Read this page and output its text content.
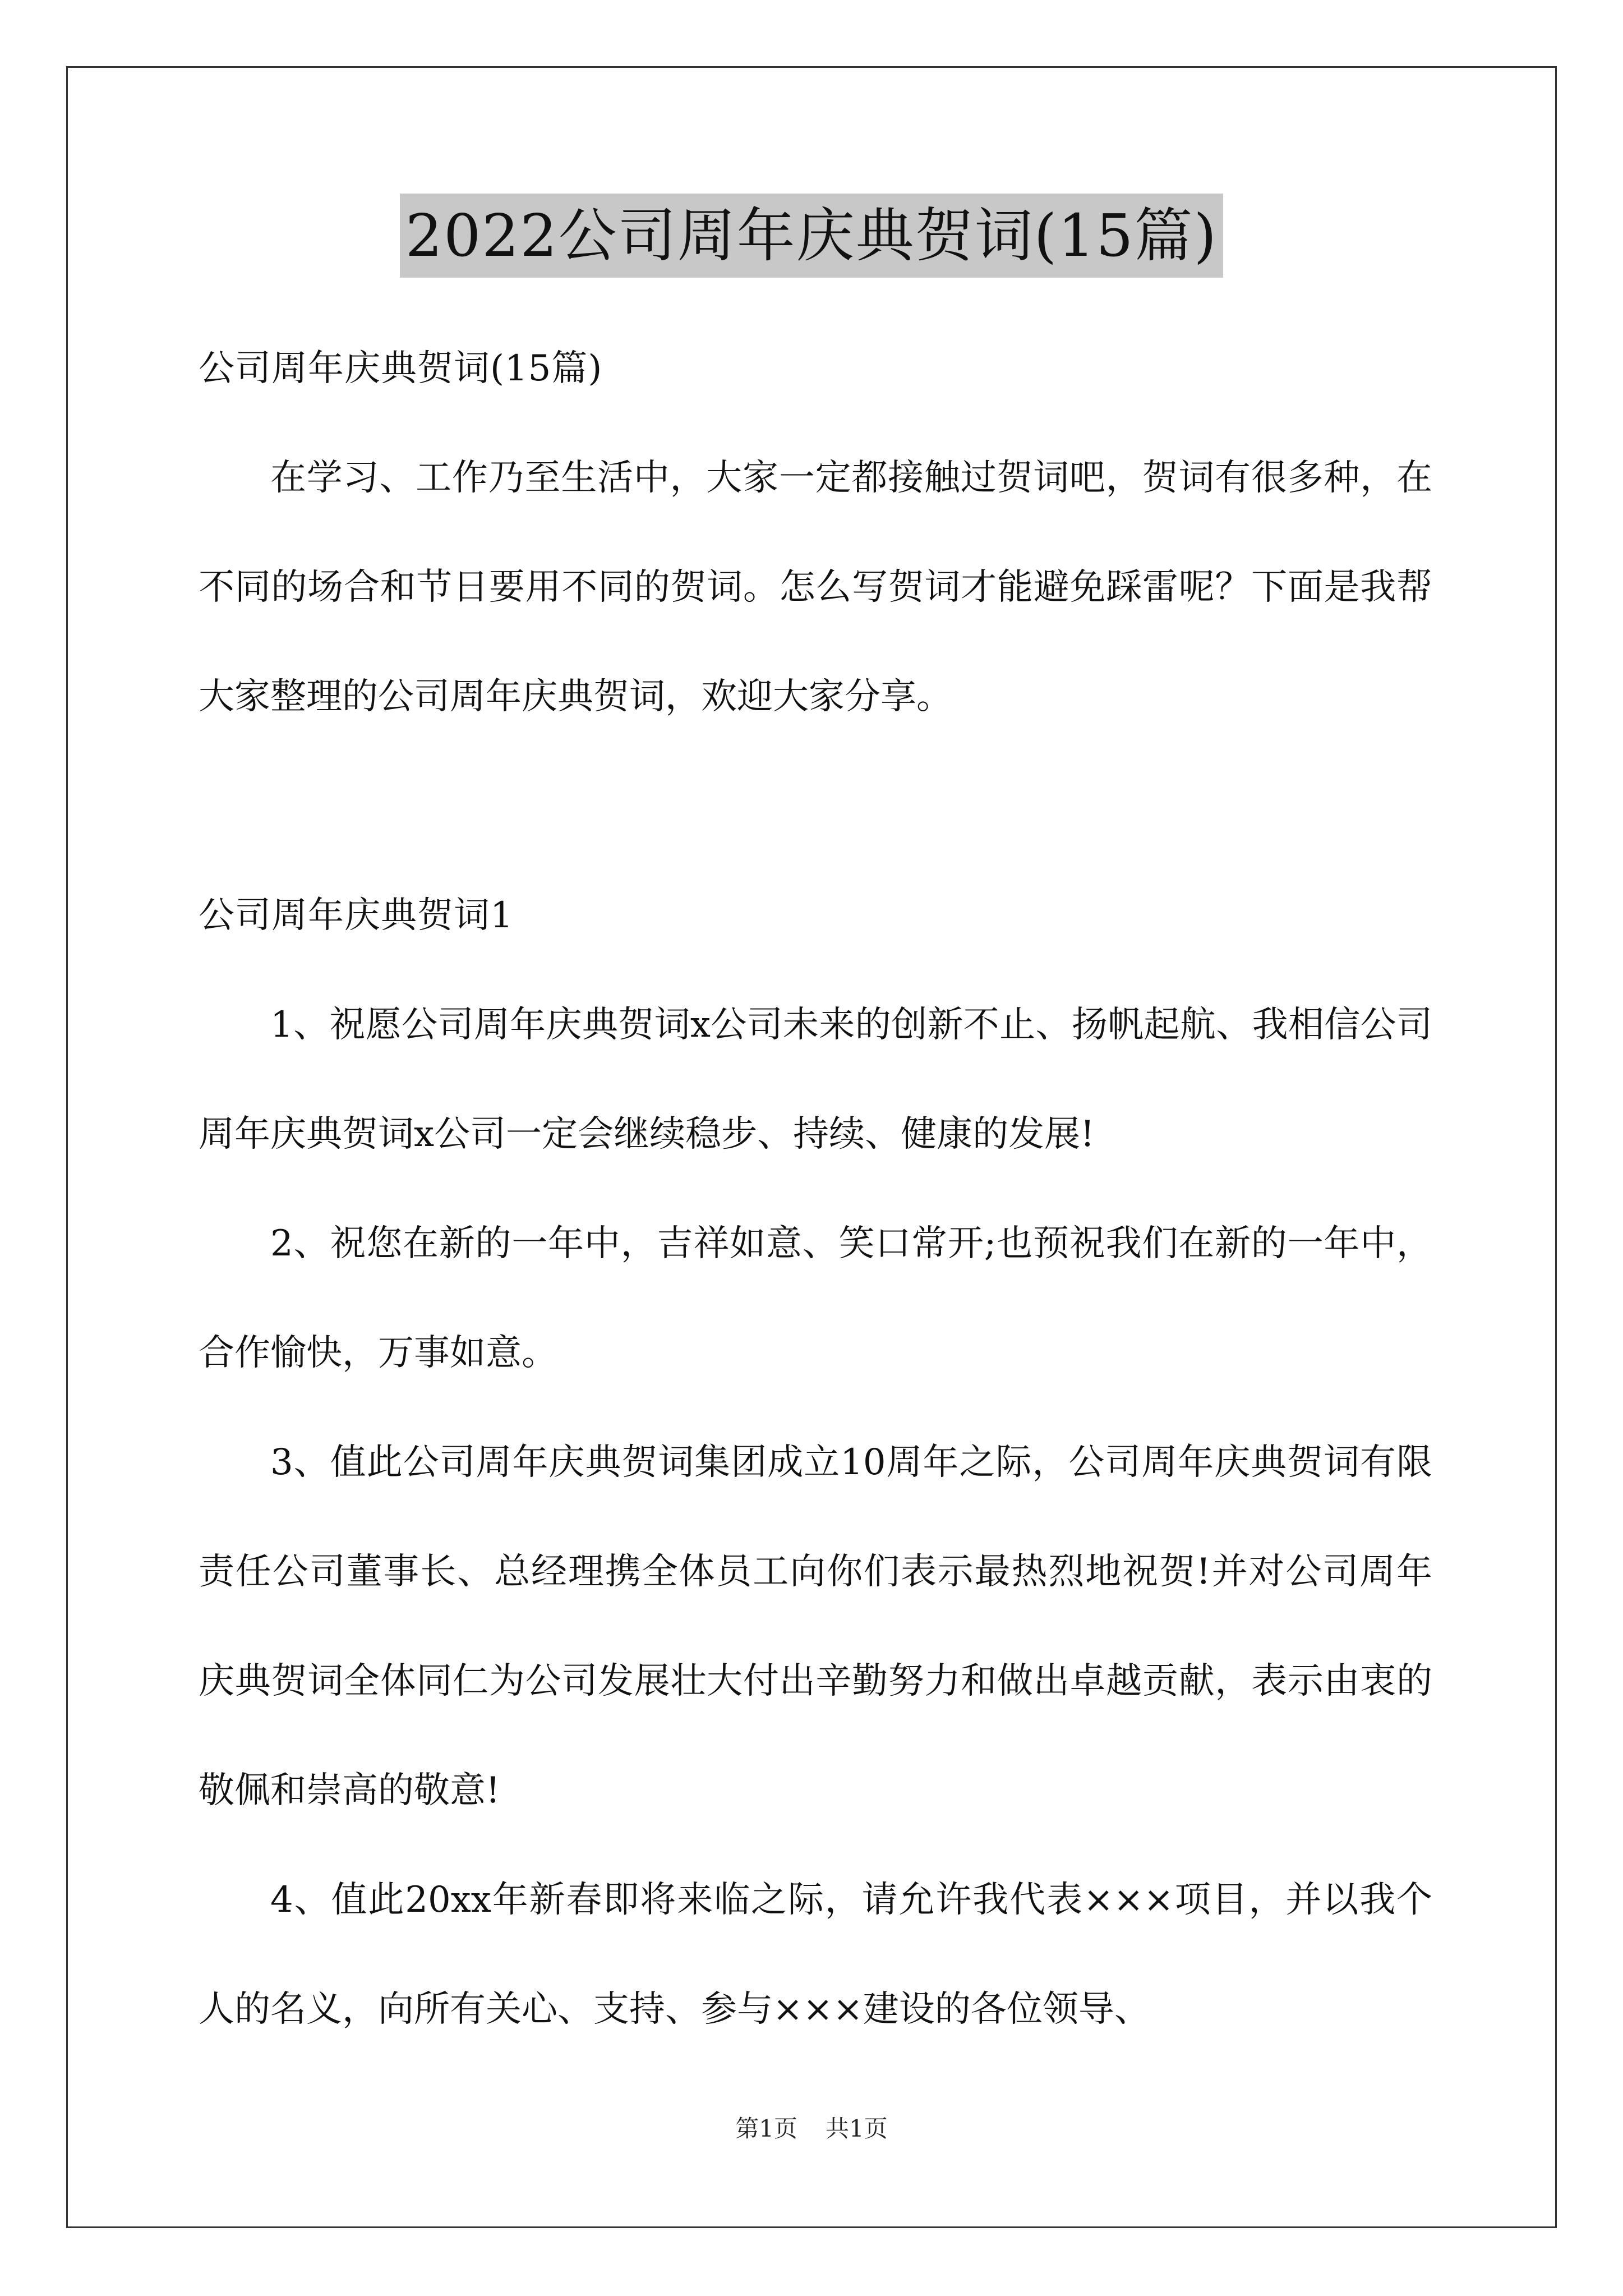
2022公司周年庆典贺词(15篇)

公司周年庆典贺词(15篇)

在学习、工作乃至生活中，大家一定都接触过贺词吧，贺词有很多种，在不同的场合和节日要用不同的贺词。怎么写贺词才能避免踩雷呢？下面是我帮大家整理的公司周年庆典贺词，欢迎大家分享。

公司周年庆典贺词1

1、祝愿公司周年庆典贺词x公司未来的创新不止、扬帆起航、我相信公司周年庆典贺词x公司一定会继续稳步、持续、健康的发展!

2、祝您在新的一年中，吉祥如意、笑口常开;也预祝我们在新的一年中，合作愉快，万事如意。

3、值此公司周年庆典贺词集团成立10周年之际，公司周年庆典贺词有限责任公司董事长、总经理携全体员工向你们表示最热烈地祝贺!并对公司周年庆典贺词全体同仁为公司发展壮大付出辛勤努力和做出卓越贡献，表示由衷的敬佩和崇高的敬意!

4、值此20xx年新春即将来临之际，请允许我代表×××项目，并以我个人的名义，向所有关心、支持、参与×××建设的各位领导、

第1页 共1页
